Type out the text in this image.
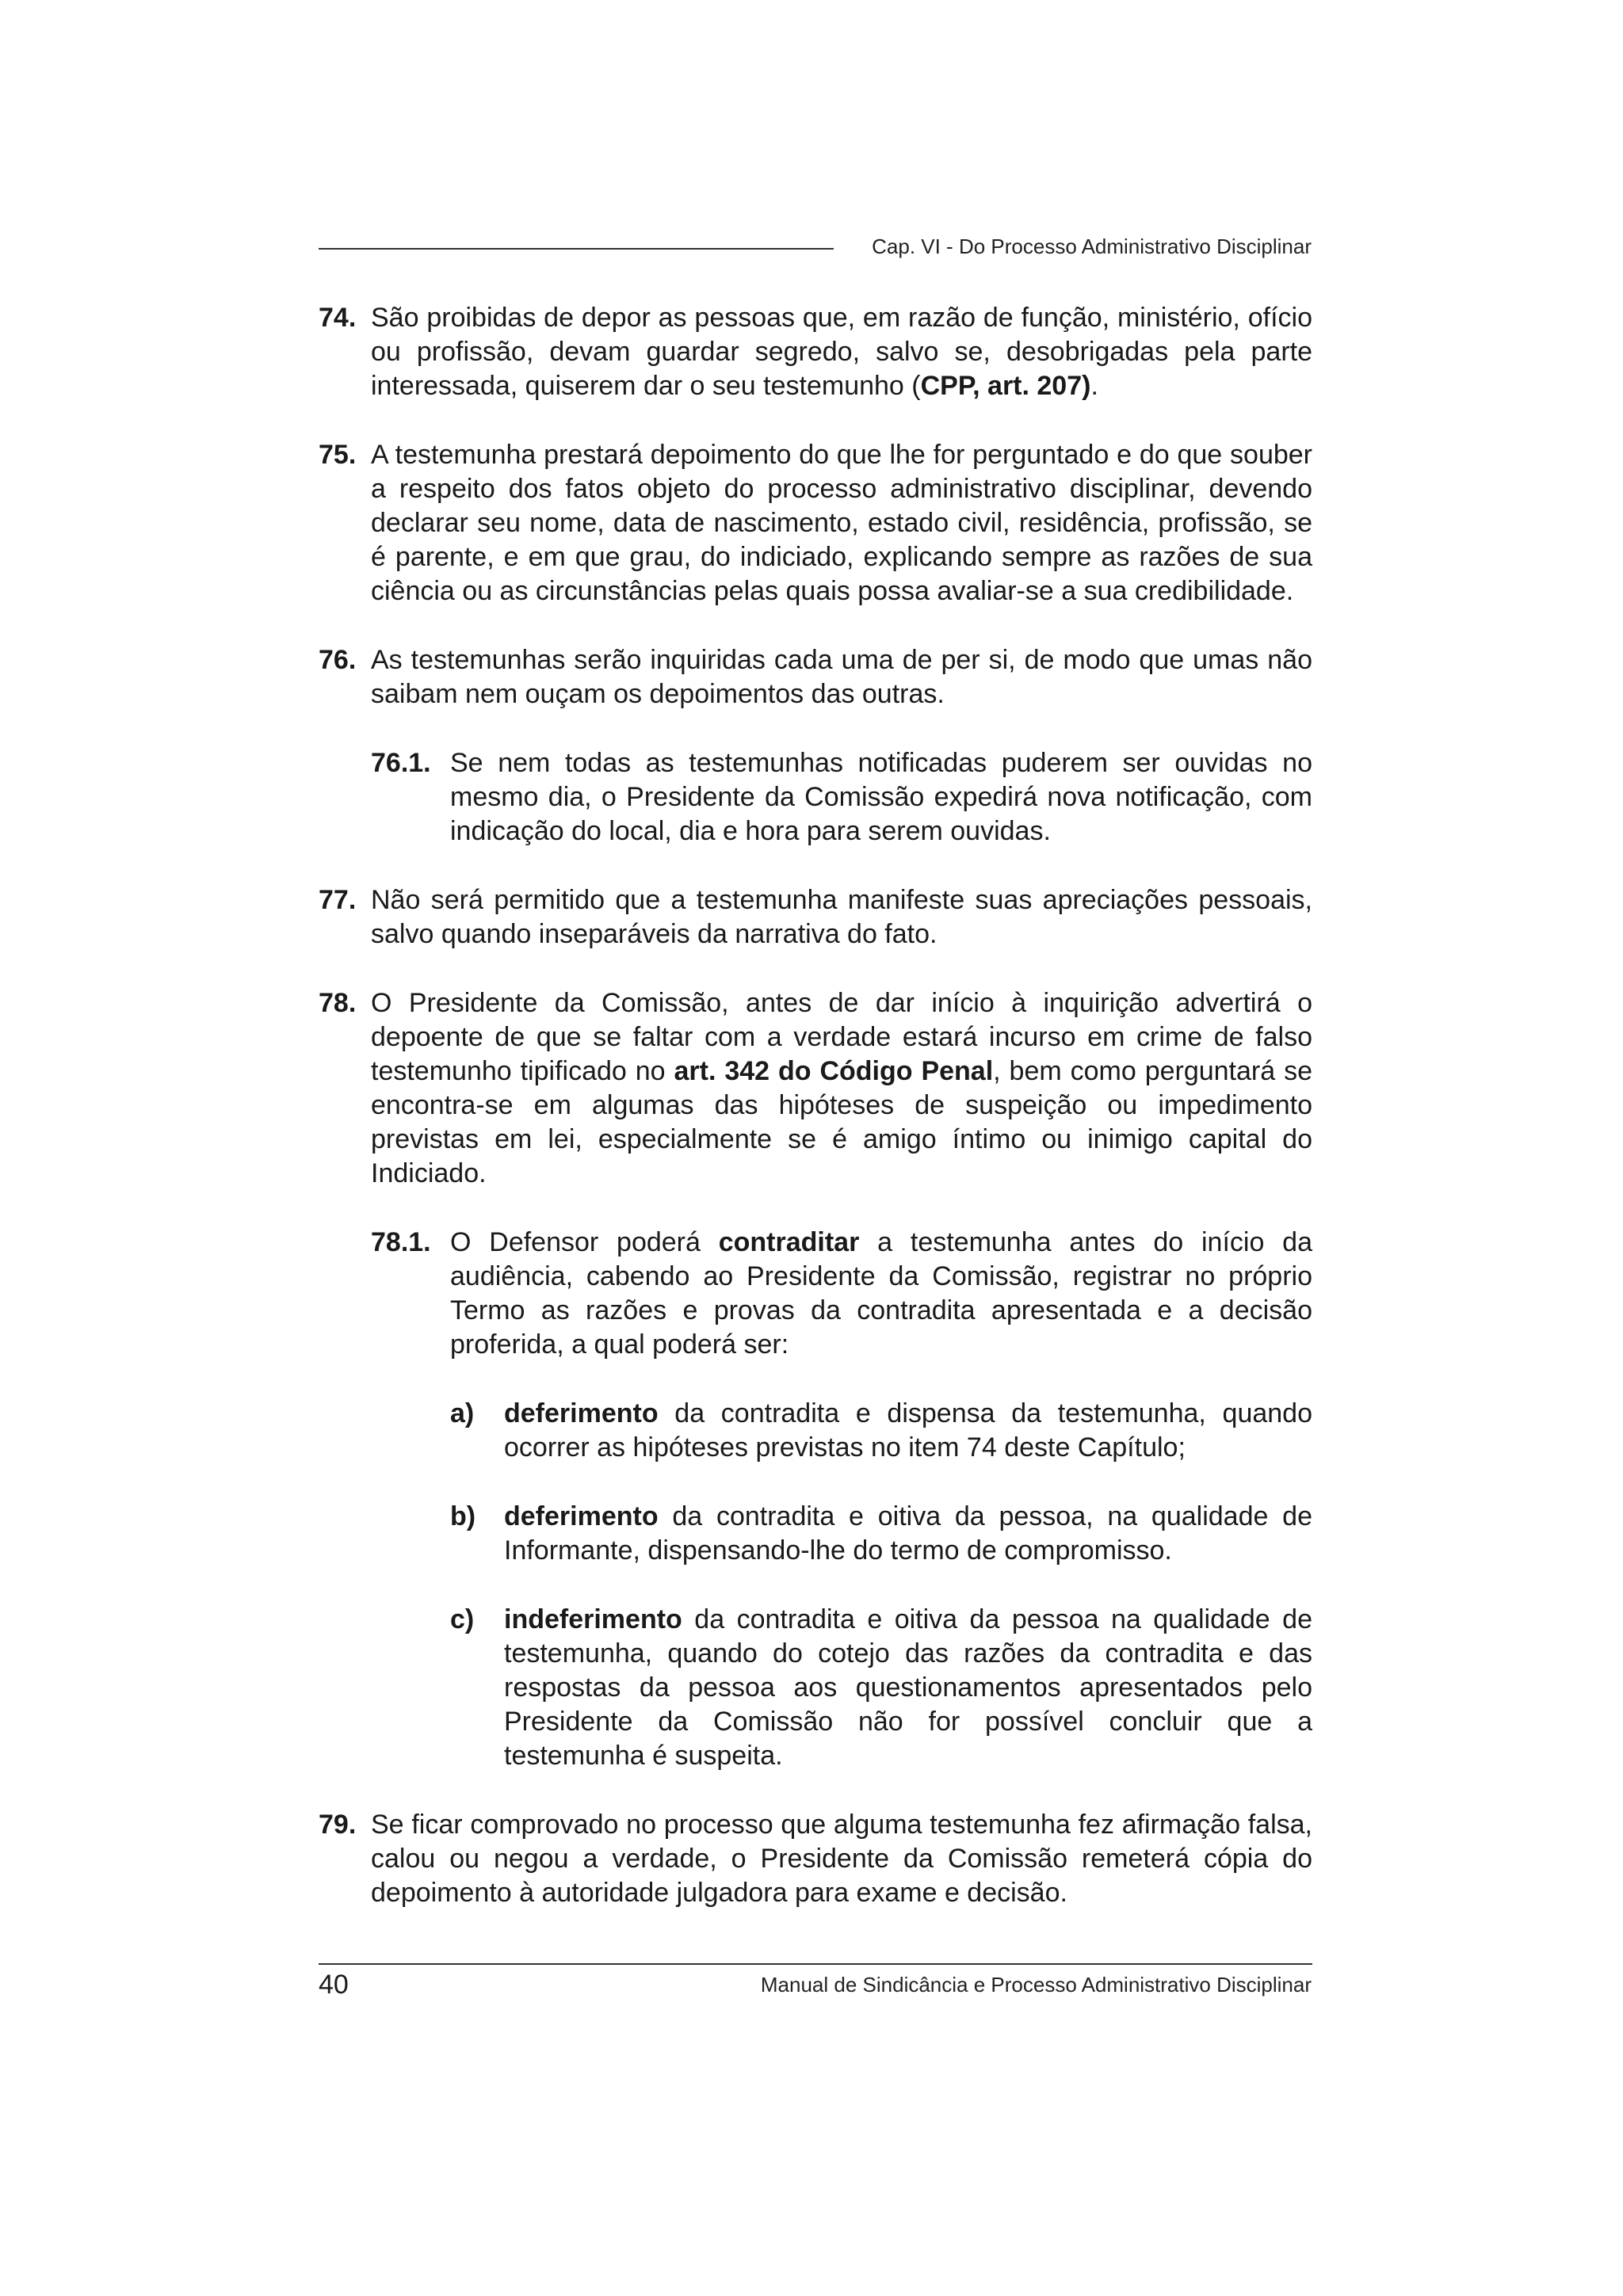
Cap. VI - Do Processo Administrativo Disciplinar
74. São proibidas de depor as pessoas que, em razão de função, ministério, ofício ou profissão, devam guardar segredo, salvo se, desobrigadas pela parte interessada, quiserem dar o seu testemunho (CPP, art. 207).
75. A testemunha prestará depoimento do que lhe for perguntado e do que souber a respeito dos fatos objeto do processo administrativo disciplinar, devendo declarar seu nome, data de nascimento, estado civil, residência, profissão, se é parente, e em que grau, do indiciado, explicando sempre as razões de sua ciência ou as circunstâncias pelas quais possa avaliar-se a sua credibilidade.
76. As testemunhas serão inquiridas cada uma de per si, de modo que umas não saibam nem ouçam os depoimentos das outras.
76.1. Se nem todas as testemunhas notificadas puderem ser ouvidas no mesmo dia, o Presidente da Comissão expedirá nova notificação, com indicação do local, dia e hora para serem ouvidas.
77. Não será permitido que a testemunha manifeste suas apreciações pessoais, salvo quando inseparáveis da narrativa do fato.
78. O Presidente da Comissão, antes de dar início à inquirição advertirá o depoente de que se faltar com a verdade estará incurso em crime de falso testemunho tipificado no art. 342 do Código Penal, bem como perguntará se encontra-se em algumas das hipóteses de suspeição ou impedimento previstas em lei, especialmente se é amigo íntimo ou inimigo capital do Indiciado.
78.1. O Defensor poderá contraditar a testemunha antes do início da audiência, cabendo ao Presidente da Comissão, registrar no próprio Termo as razões e provas da contradita apresentada e a decisão proferida, a qual poderá ser:
a)	deferimento da contradita e dispensa da testemunha, quando ocorrer as hipóteses previstas no item 74 deste Capítulo;
b)	deferimento da contradita e oitiva da pessoa, na qualidade de Informante, dispensando-lhe do termo de compromisso.
c)	indeferimento da contradita e oitiva da pessoa na qualidade de testemunha, quando do cotejo das razões da contradita e das respostas da pessoa aos questionamentos apresentados pelo Presidente da Comissão não for possível concluir que a testemunha é suspeita.
79. Se ficar comprovado no processo que alguma testemunha fez afirmação falsa, calou ou negou a verdade, o Presidente da Comissão remeterá cópia do depoimento à autoridade julgadora para exame e decisão.
40	Manual de Sindicância e Processo Administrativo Disciplinar
